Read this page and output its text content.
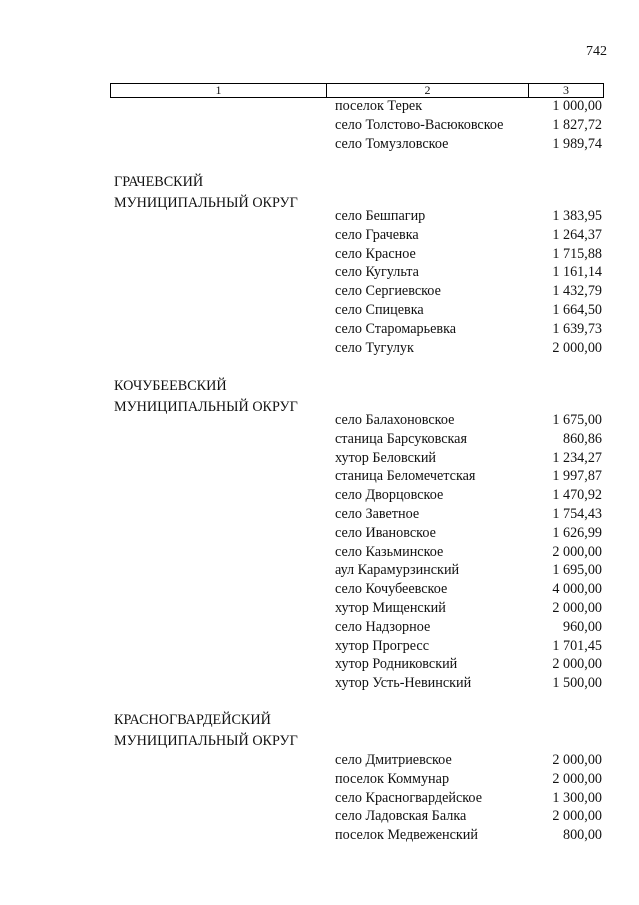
742
1	2	3
поселок Терек	1 000,00
село Толстово-Васюковское	1 827,72
село Томузловское	1 989,74
ГРАЧЕВСКИЙ
МУНИЦИПАЛЬНЫЙ ОКРУГ
село Бешпагир	1 383,95
село Грачевка	1 264,37
село Красное	1 715,88
село Кугульта	1 161,14
село Сергиевское	1 432,79
село Спицевка	1 664,50
село Старомарьевка	1 639,73
село Тугулук	2 000,00
КОЧУБЕЕВСКИЙ
МУНИЦИПАЛЬНЫЙ ОКРУГ
село Балахоновское	1 675,00
станица Барсуковская	860,86
хутор Беловский	1 234,27
станица Беломечетская	1 997,87
село Дворцовское	1 470,92
село Заветное	1 754,43
село Ивановское	1 626,99
село Казьминское	2 000,00
аул Карамурзинский	1 695,00
село Кочубеевское	4 000,00
хутор Мищенский	2 000,00
село Надзорное	960,00
хутор Прогресс	1 701,45
хутор Родниковский	2 000,00
хутор Усть-Невинский	1 500,00
КРАСНОГВАРДЕЙСКИЙ
МУНИЦИПАЛЬНЫЙ ОКРУГ
село Дмитриевское	2 000,00
поселок Коммунар	2 000,00
село Красногвардейское	1 300,00
село Ладовская Балка	2 000,00
поселок Медвеженский	800,00
